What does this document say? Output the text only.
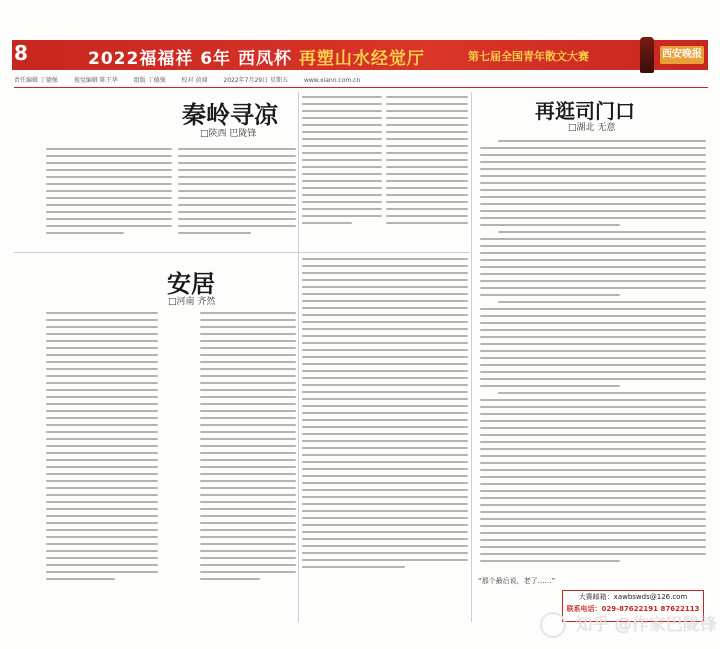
8	2022福福祥 6年 西凤杯 再塑山水经觉厅	第七届全国青年散文大赛	西安晚报
责任编辑 丁德强	视觉编辑 陈王华	组版 丁德强	校对 黄闻	2022年7月29日 星期五	www.xiann.com.cn
秦岭寻凉
□陕西 巴陇锋
安居
□河南 齐然
再逛司门口
□湖北 无意
“那个最后说，老了……”
大赛邮箱：xawbswds@126.com
联系电话：029-87622191 87622113
知乎 @作家巴陇锋
